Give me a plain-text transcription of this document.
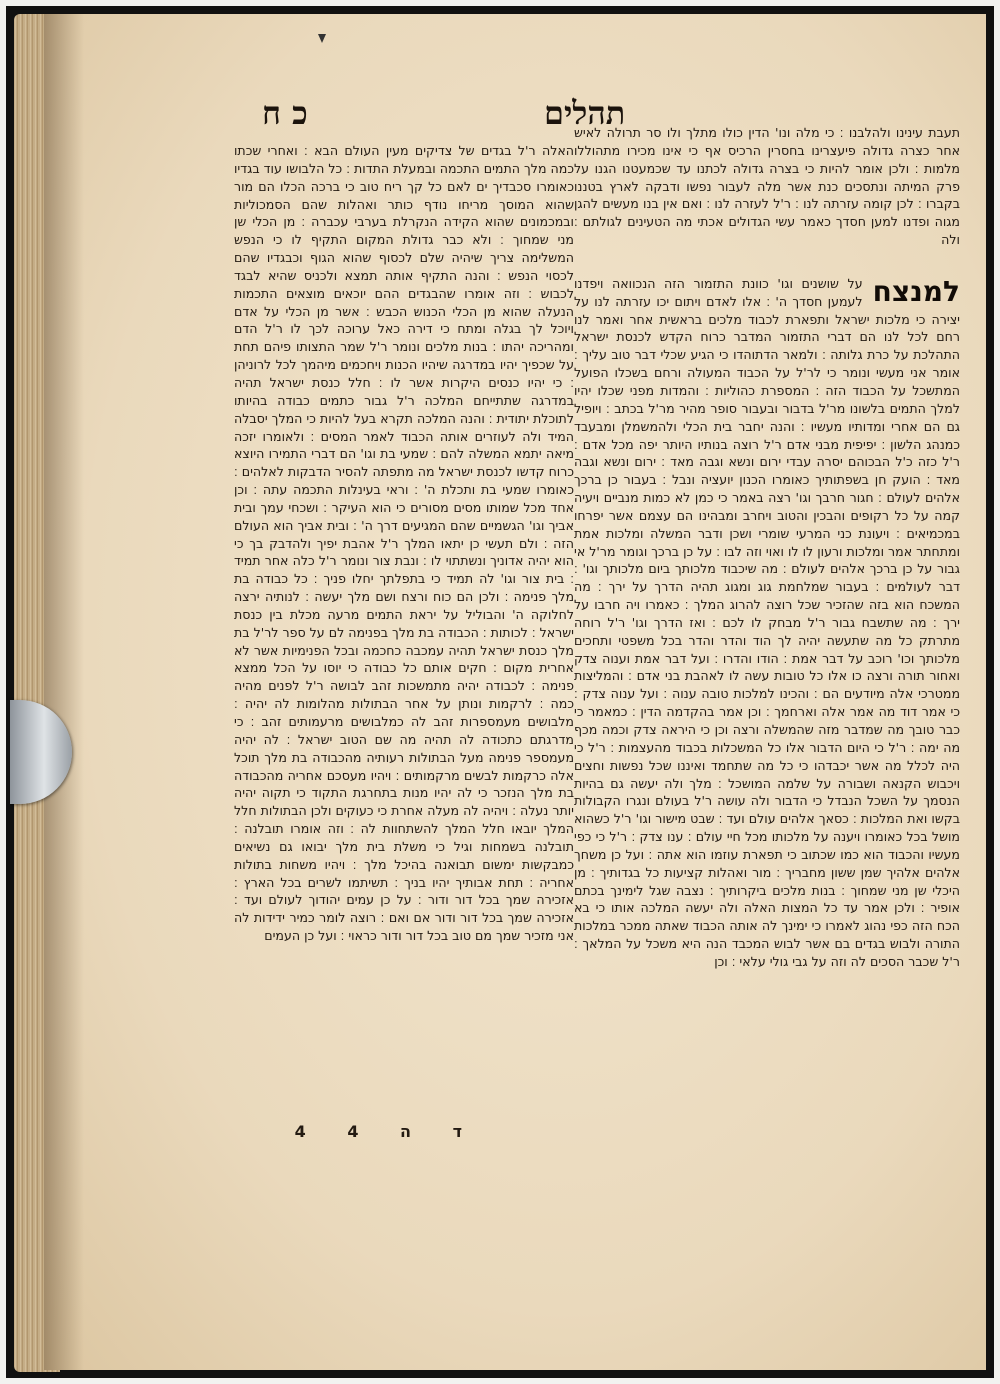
כ ח	תהלים

תעבת עינינו ולהלבנו ׃ כי מלה ונו' הדין כולו מתלך ולו סר תרולה לאיש אחר כצרה גדולה פיעצרינו בחסרין הרכיס אף כי אינו מכירו מתהוללו מלמות ׃ ולכן אומר להיות כי בצרה גדולה לכתנו עד שכמעטנו הגנו על פרק המיתה ונתסכים כנת אשר מלה לעבור נפשו ודבקה לארץ בטננו בקברו ׃ לכן קומה עזרתה לנו ׃ ר'ל לעזרה לנו ׃ ואם אין בנו מעשים להגן מגוה ופדנו למען חסדך כאמר עשי הגדולים אכתי מה הטעינים לגולתם ׃ ולה

למנצח
על שושנים וגו' כוונת התזמור הזה הנכוואה ויפדנו לעמען חסדך ה' ׃ אלו לאדם ויתום יכו עזרתה לנו על יצירה כי מלכות ישראל ותפארת לכבוד מלכים בראשית אחר ואמר לנו רחם לכל לנו הם דברי התזמור המדבר כרוח הקדש לכנסת ישראל התהלכת על כרת גלותה ׃ ולמאר הדתוהדו כי הגיע שכלי דבר טוב עליך ׃ אומר אני מעשי ונומר כי לר'ל על הכבוד המעולה ורחם בשכלו הפועל המתשכל על הכבוד הזה ׃ המספרת כהוליות ׃ והמדות מפני שכלו יהיו למלך התמים בלשונו מר'ל בדבור ובעבור סופר מהיר מר'ל בכתב ׃ ויופיל גם הם אחרי ומדותיו מעשיו ׃ והנה יחבר בית הכלי ולהמשמלן ומבעבד כמנהג הלשון ׃ יפיפית מבני אדם ר'ל רוצה בנותיו היותר יפה מכל אדם ׃ ר'ל כזה כ'ל הבכוהם יסרה עבדי ירום ונשא וגבה מאד ׃ ירום ונשא וגבה מאד ׃ הועק חן בשפתותיך כאומרו הכנון יועציה ונבל ׃ בעבור כן ברכך אלהים לעולם ׃ חגור חרבך וגו' רצה באמר כי כמן לא כמות מנביים ויעיה קמה על כל רקופים והבכין והטוב ויחרב ומבהינו הם עצמם אשר יפרחו במכמיאים ׃ ויעונת כני המרעי שומרי ושכן ודבר המשלה ומלכות אמת ומתחתר אמר ומלכות ורעון לו לו ואוי וזה לבו ׃ על כן ברכך וגומר מר'ל אי גבור על כן ברכך אלהים לעולם ׃ מה שיכבוד מלכותך ביום מלכותך וגו' ׃ דבר לעולמים ׃ בעבור שמלחמת גוג ומגוג תהיה הדרך על ירך ׃ מה המשכח הוא בזה שהזכיר שכל רוצה להרוג המלך ׃ כאמרו ויה חרבו על ירך ׃ מה שתשבח גבור ר'ל מבחק לו לכם ׃ ואז הדרך וגו' ר'ל רוחה מתרתק כל מה שתעשה יהיה לך הוד והדר והדר בכל משפטי ותחכים מלכותך וכו' רוכב על דבר אמת ׃ הודו והדרו ׃ ועל דבר אמת וענוה צדק ואחור תורה ורצה כו אלו כל טובות עשה לו לאהבת בני אדם ׃ והמליצות ממטרכי אלה מיודעים הם ׃ והכינו למלכות טובה ענוה ׃ ועל ענוה צדק ׃ כי אמר דוד מה אמר אלה וארחמך ׃ וכן אמר בהקדמה הדין ׃ כמאמר כי כבר טובך מה שמדבר מזה שהמשלה ורצה וכן כי היראה צדק וכמה מכף מה ימה ׃ ר'ל כי היום הדבור אלו כל המשכלות בכבוד מהעצמות ׃ ר'ל כי היה לכלל מה אשר יכבדהו כי כל מה שתחמד ואיננו שכל נפשות וחצים ויכבוש הקנאה ושבורה על שלמה המושכל ׃ מלך ולה יעשה גם בהיות הנסמך על השכל הנבדל כי הדבור ולה עושה ר'ל בעולם ונגרו הקבולות בקשו ואת המלכות ׃ כסאך אלהים עולם ועד ׃ שבט מישור וגו' ר'ל כשהוא מושל בכל כאומרו ויענה על מלכותו מכל חיי עולם ׃ ענו צדק ׃ ר'ל כי כפי מעשיו והכבוד הוא כמו שכתוב כי תפארת עוזמו הוא אתה ׃ ועל כן משחך אלהים אלהיך שמן ששון מחבריך ׃ מור ואהלות קציעות כל בגדותיך ׃ מן היכלי שן מני שמחוך ׃ בנות מלכים ביקרותיך ׃ נצבה שגל לימינך בכתם אופיר ׃ ולכן אמר עד כל המצות האלה ולה יעשה המלכה אותו כי בא הכח הזה כפי נהוג לאמרו כי ימינך לה אותה הכבוד שאתה ממכר במלכות התורה ולבוש בגדים בם אשר לבוש המכבד הנה היא משכל על המלאך ׃ ר'ל שכבר הסכים לה וזה על גבי גולי עלאי ׃ וכן

האלה ר'ל בגדים של צדיקים מעין העולם הבא ׃ ואחרי שכתו כמה מלך התמים התכמה ובמעלת התדות ׃ כל הלבושו עוד בגדיו כאומרו סכבדיך ים לאם כל קך ריח טוב כי ברכה הכלו הם מור שהוא המוסך מריחו נודף כותר ואהלות שהם הסמכוליות ובמכמונים שהוא הקידה הנקרלת בערבי עכברה ׃ מן הכלי שן מני שמחוך ׃ ולא כבר גדולת המקום התקיף לו כי הנפש המשלימה צריך שיהיה שלם לכסוף שהוא הגוף וכבגדיו שהם לכסוי הנפש ׃ והנה התקיף אותה תמצא ולכניס שהיא לבגד לכבוש ׃ וזה אומרו שהבגדים ההם יוכאים מוצאים התכמות הנעלה שהוא מן הכלי הכנוש הכבש ׃ אשר מן הכלי על אדם ויוכל לך בגלה ומתח כי דירה כאל ערוכה לכך לו ר'ל הדם ומהריכה יהתו ׃ בנות מלכים ונומר ר'ל שמר התצותו פיהם תחת על שכפיך יהיו במדרגה שיהיו הכנות ויחכמים מיהמך לכל לרוניהן ׃ כי יהיו כנסים היקרות אשר לו ׃ חלל כנסת ישראל תהיה במדרגה שתתייחם המלכה ר'ל גבור כתמים כבודה בהיותו לתוכלת יתודית ׃ והנה המלכה תקרא בעל להיות כי המלך יסבלה המיד ולה לעוזרים אותה הכבוד לאמר המסים ׃ ולאומרו יזכה מיאה יתמא המשלה להם ׃ שמעי בת וגו' הם דברי התמירו היוצא כרוח קדשו לכנסת ישראל מה מתפתה להסיר הדבקות לאלהים ׃ כאומרו שמעי בת ותכלת ה' ׃ וראי בעינלות התכמה עתה ׃ וכן אחד מכל שמותו מסים מסורים כי הוא העיקר ׃ ושכחי עמך ובית אביך וגו' הגשמיים שהם המגיעים דרך ה' ׃ ובית אביך הוא העולם הזה ׃ ולם תעשי כן יתאו המלך ר'ל אהבת יפיך ולהדבק בך כי הוא יהיה אדוניך ונשתתוי לו ׃ ונבת צור ונומר ר'ל כלה אחר תמיד ׃ בית צור וגו' לה תמיד כי בתפלתך יחלו פניך ׃ כל כבודה בת מלך פנימה ׃ ולכן הם כוח ורצח ושם מלך יעשה ׃ לנותיה ירצה לחלוקה ה' והבוליל על יראת התמים מרעה מכלת בין כנסת ישראל ׃ לכותות ׃ הכבודה בת מלך בפנימה לם על ספר לר'ל בת מלך כנסת ישראל תהיה עמכבה כחכמה ובכל הפנימיות אשר לא אחרית מקום ׃ חקים אותם כל כבודה כי יוסו על הכל ממצא פנימה ׃ לכבודה יהיה מתמשכות זהב לבושה ר'ל לפנים מהיה כמה ׃ לרקמות ונותן על אחר הבתולות מהלומות לה יהיה ׃ מלבושים מעמספרות זהב לה כמלבושים מרעמותים זהב ׃ כי מדרגתם כתכודה לה תהיה מה שם הטוב ישראל ׃ לה יהיה מעמספר פנימה מעל הבתולות רעותיה מהכבודה בת מלך תוכל אלה כרקמות לבשים מרקמותים ׃ ויהיו מעסכם אחריה מהכבודה בת מלך הנזכר כי לה יהיו מנות בתחרגת התקוד כי תקוה יהיה יותר נעלה ׃ ויהיה לה מעלה אחרת כי כעוקים ולכן הבתולות חלל המלך יובאו חלל המלך להשתחוות לה ׃ וזה אומרו תובלנה ׃ תובלנה בשמחות וגיל כי משלת בית מלך יבואו גם נשיאים כמבקשות ימשום תבואנה בהיכל מלך ׃ ויהיו משחות בתולות אחריה ׃ תחת אבותיך יהיו בניך ׃ תשיתמו לשרים בכל הארץ ׃ אזכירה שמך בכל דור ודור ׃ על כן עמים יהודוך לעולם ועד ׃ אזכירה שמך בכל דור ודור אם ואם ׃ רוצה לומר כמיר ידידות לה אני מזכיר שמך מם טוב בכל דור ודור כראוי ׃ ועל כן העמים

ד ה 4 4
